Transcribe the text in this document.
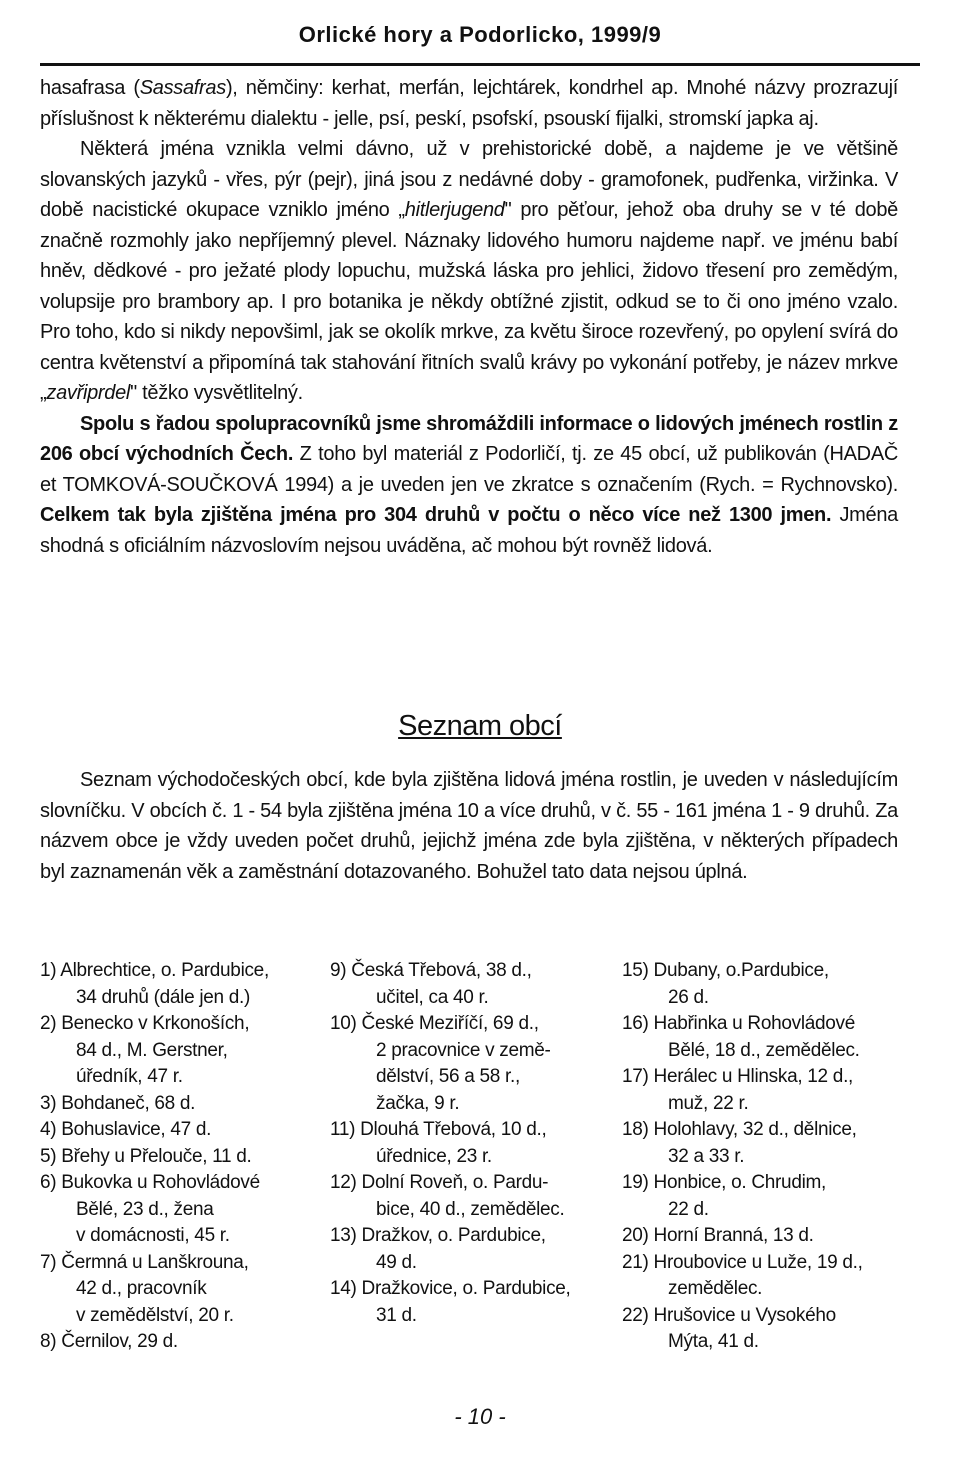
Orlické hory a Podorlicko, 1999/9

hasafrasa (Sassafras), němčiny: kerhat, merfán, lejchtárek, kondrhel ap. Mnohé názvy prozrazují příslušnost k některému dialektu - jelle, psí, peskí, psofskí, psouskí fijalki, stromskí japka aj.

Některá jména vznikla velmi dávno, už v prehistorické době, a najdeme je ve většině slovanských jazyků - vřes, pýr (pejr), jiná jsou z nedávné doby - gramofonek, pudřenka, viržinka. V době nacistické okupace vzniklo jméno „hitlerjugend" pro pěťour, jehož oba druhy se v té době značně rozmohly jako nepříjemný plevel. Náznaky lidového humoru najdeme např. ve jménu babí hněv, dědkové - pro ježaté plody lopuchu, mužská láska pro jehlici, židovo třesení pro zemědým, volupsije pro brambory ap. I pro botanika je někdy obtížné zjistit, odkud se to či ono jméno vzalo. Pro toho, kdo si nikdy nepovšiml, jak se okolík mrkve, za květu široce rozevřený, po opylení svírá do centra květenství a připomíná tak stahování řitních svalů krávy po vykonání potřeby, je název mrkve „zavřiprdel" těžko vysvětlitelný.

Spolu s řadou spolupracovníků jsme shromáždili informace o lidových jménech rostlin z 206 obcí východních Čech. Z toho byl materiál z Podorličí, tj. ze 45 obcí, už publikován (HADAČ et TOMKOVÁ-SOUČKOVÁ 1994) a je uveden jen ve zkratce s označením (Rych. = Rychnovsko). Celkem tak byla zjištěna jména pro 304 druhů v počtu o něco více než 1300 jmen. Jména shodná s oficiálním názvoslovím nejsou uváděna, ač mohou být rovněž lidová.

Seznam obcí

Seznam východočeských obcí, kde byla zjištěna lidová jména rostlin, je uveden v následujícím slovníčku. V obcích č. 1 - 54 byla zjištěna jména 10 a více druhů, v č. 55 - 161 jména 1 - 9 druhů. Za názvem obce je vždy uveden počet druhů, jejichž jména zde byla zjištěna, v některých případech byl zaznamenán věk a zaměstnání dotazovaného. Bohužel tato data nejsou úplná.

1) Albrechtice, o. Pardubice,
34 druhů (dále jen d.)
2) Benecko v Krkonoších,
84 d., M. Gerstner,
úředník, 47 r.
3) Bohdaneč, 68 d.
4) Bohuslavice, 47 d.
5) Břehy u Přelouče, 11 d.
6) Bukovka u Rohovládové
Bělé, 23 d., žena
v domácnosti, 45 r.
7) Čermná u Lanškrouna,
42 d., pracovník
v zemědělství, 20 r.
8) Černilov, 29 d.
9) Česká Třebová, 38 d.,
učitel, ca 40 r.
10) České Meziříčí, 69 d.,
2 pracovnice v země-
dělství, 56 a 58 r.,
žačka, 9 r.
11) Dlouhá Třebová, 10 d.,
úřednice, 23 r.
12) Dolní Roveň, o. Pardu-
bice, 40 d., zemědělec.
13) Dražkov, o. Pardubice,
49 d.
14) Dražkovice, o. Pardubice,
31 d.
15) Dubany, o.Pardubice,
26 d.
16) Habřinka u Rohovládové
Bělé, 18 d., zemědělec.
17) Herálec u Hlinska, 12 d.,
muž, 22 r.
18) Holohlavy, 32 d., dělnice,
32 a 33 r.
19) Honbice, o. Chrudim,
22 d.
20) Horní Branná, 13 d.
21) Hroubovice u Luže, 19 d.,
zemědělec.
22) Hrušovice u Vysokého
Mýta, 41 d.
- 10 -
